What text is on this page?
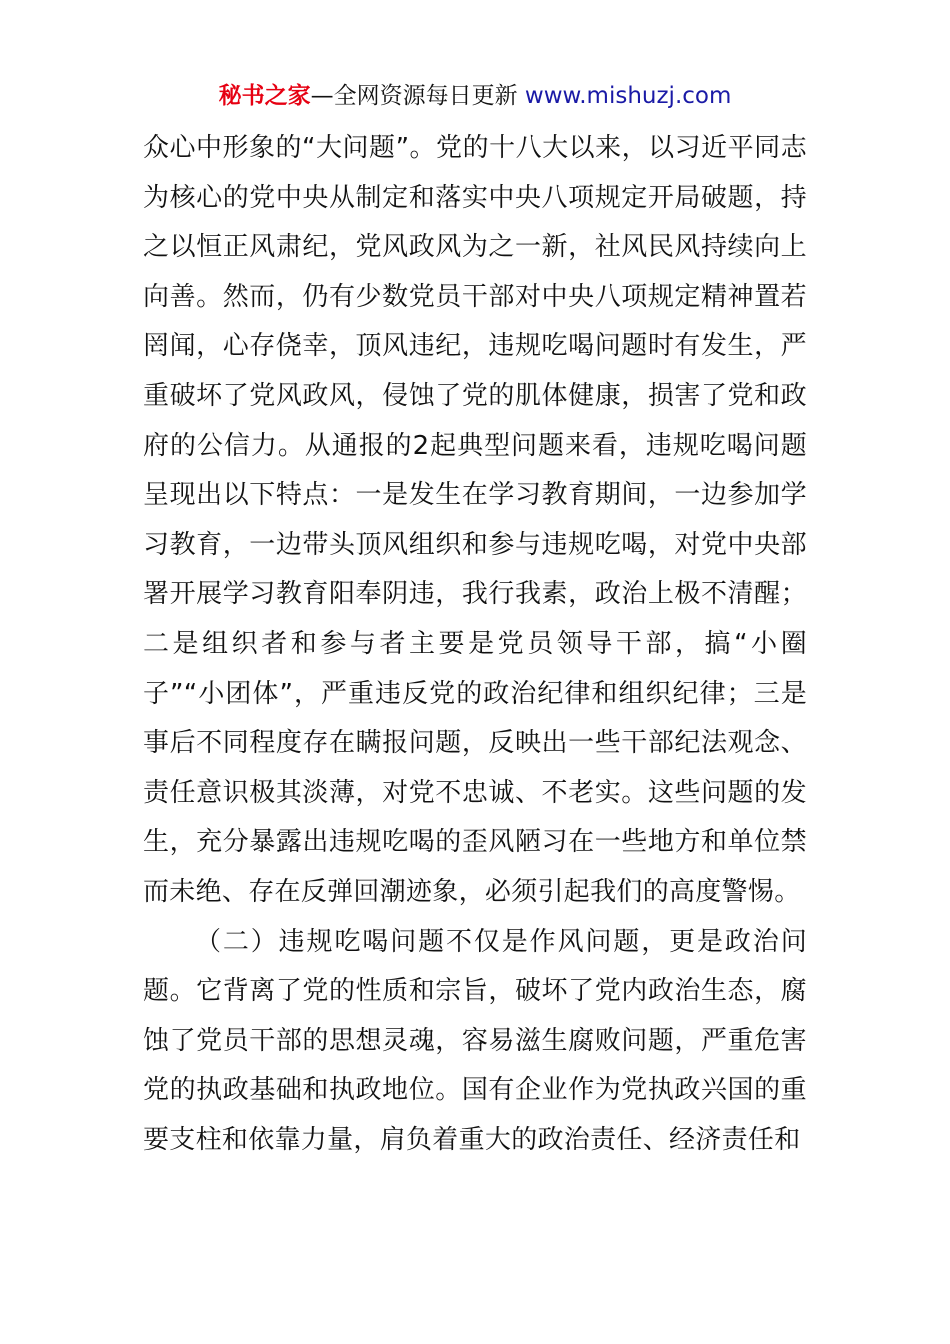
秘书之家—全网资源每日更新 www.mishuzj.com

众心中形象的“大问题”。党的十八大以来，以习近平同志为核心的党中央从制定和落实中央八项规定开局破题，持之以恒正风肃纪，党风政风为之一新，社风民风持续向上向善。然而，仍有少数党员干部对中央八项规定精神置若罔闻，心存侥幸，顶风违纪，违规吃喝问题时有发生，严重破坏了党风政风，侵蚀了党的肌体健康，损害了党和政府的公信力。从通报的2起典型问题来看，违规吃喝问题呈现出以下特点：一是发生在学习教育期间，一边参加学习教育，一边带头顶风组织和参与违规吃喝，对党中央部署开展学习教育阳奉阴违，我行我素，政治上极不清醒；二是组织者和参与者主要是党员领导干部，搞“小圈子”“小团体”，严重违反党的政治纪律和组织纪律；三是事后不同程度存在瞒报问题，反映出一些干部纪法观念、责任意识极其淡薄，对党不忠诚、不老实。这些问题的发生，充分暴露出违规吃喝的歪风陋习在一些地方和单位禁而未绝、存在反弹回潮迹象，必须引起我们的高度警惕。

（二）违规吃喝问题不仅是作风问题，更是政治问题。它背离了党的性质和宗旨，破坏了党内政治生态，腐蚀了党员干部的思想灵魂，容易滋生腐败问题，严重危害党的执政基础和执政地位。国有企业作为党执政兴国的重要支柱和依靠力量，肩负着重大的政治责任、经济责任和
